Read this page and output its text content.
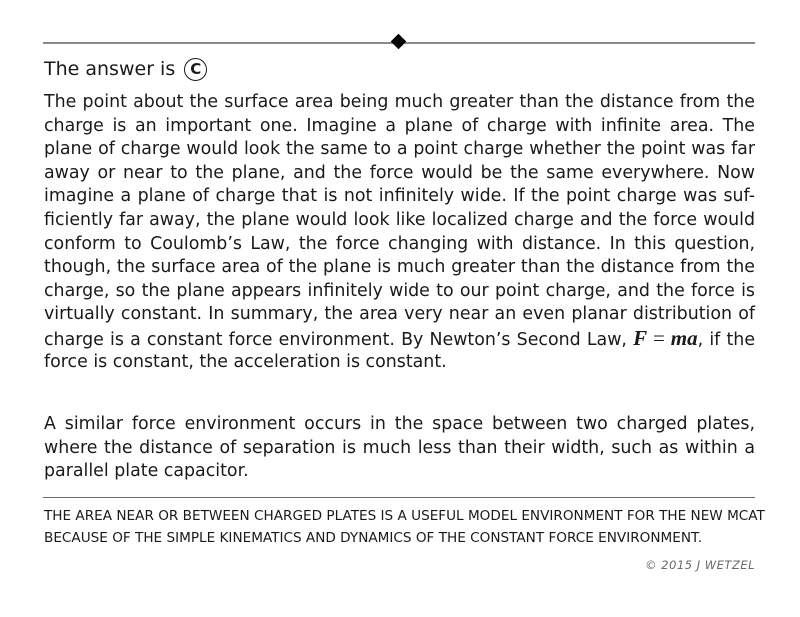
The answer is C
The point about the surface area being much greater than the distance from the
charge is an important one. Imagine a plane of charge with infinite area. The
plane of charge would look the same to a point charge whether the point was far
away or near to the plane, and the force would be the same everywhere. Now
imagine a plane of charge that is not infinitely wide. If the point charge was suf-
ficiently far away, the plane would look like localized charge and the force would
conform to Coulomb’s Law, the force changing with distance. In this question,
though, the surface area of the plane is much greater than the distance from the
charge, so the plane appears infinitely wide to our point charge, and the force is
virtually constant. In summary, the area very near an even planar distribution of
charge is a constant force environment. By Newton’s Second Law, F = ma, if the
force is constant, the acceleration is constant.
A similar force environment occurs in the space between two charged plates,
where the distance of separation is much less than their width, such as within a
parallel plate capacitor.
THE AREA NEAR OR BETWEEN CHARGED PLATES IS A USEFUL MODEL ENVIRONMENT FOR THE NEW MCAT
BECAUSE OF THE SIMPLE KINEMATICS AND DYNAMICS OF THE CONSTANT FORCE ENVIRONMENT.
© 2015 J WETZEL
